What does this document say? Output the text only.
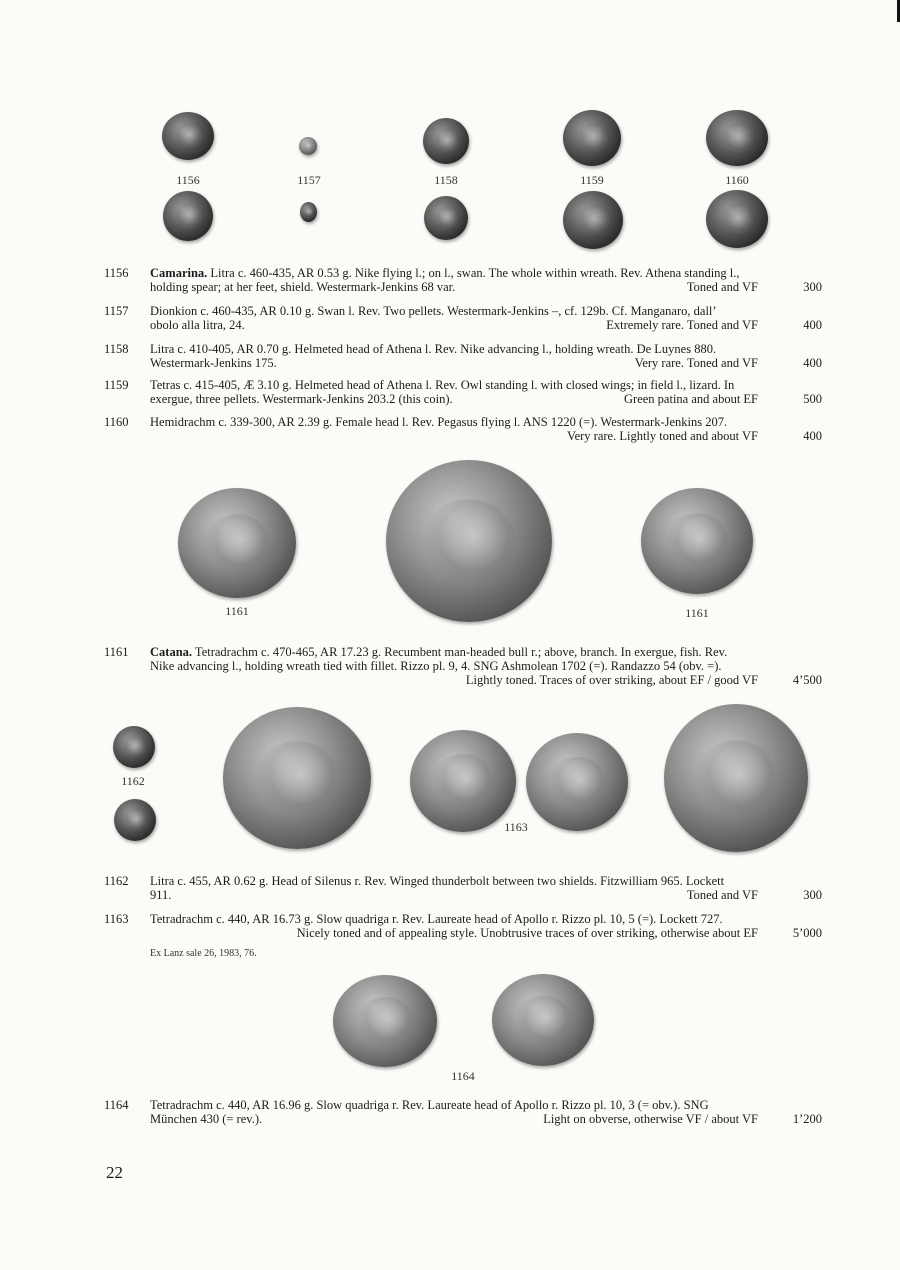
1156	1157	1158	1159	1160
1156	Camarina. Litra c. 460-435, AR 0.53 g. Nike flying l.; on l., swan. The whole within wreath. Rev. Athena standing l.,
holding spear; at her feet, shield. Westermark-Jenkins 68 var.	Toned and VF	300
1157	Dionkion c. 460-435, AR 0.10 g. Swan l. Rev. Two pellets. Westermark-Jenkins –, cf. 129b. Cf. Manganaro, dall’
obolo alla litra, 24.	Extremely rare. Toned and VF	400
1158	Litra c. 410-405, AR 0.70 g. Helmeted head of Athena l. Rev. Nike advancing l., holding wreath. De Luynes 880.
Westermark-Jenkins 175.	Very rare. Toned and VF	400
1159	Tetras c. 415-405, Æ 3.10 g. Helmeted head of Athena l. Rev. Owl standing l. with closed wings; in field l., lizard. In
exergue, three pellets. Westermark-Jenkins 203.2 (this coin).	Green patina and about EF	500
1160	Hemidrachm c. 339-300, AR 2.39 g. Female head l. Rev. Pegasus flying l. ANS 1220 (=). Westermark-Jenkins 207.
Very rare. Lightly toned and about VF	400
1161	1161
1161	Catana. Tetradrachm c. 470-465, AR 17.23 g. Recumbent man-headed bull r.; above, branch. In exergue, fish. Rev.
Nike advancing l., holding wreath tied with fillet. Rizzo pl. 9, 4. SNG Ashmolean 1702 (=). Randazzo 54 (obv. =).
Lightly toned. Traces of over striking, about EF / good VF	4’500
1162
1163
1162	Litra c. 455, AR 0.62 g. Head of Silenus r. Rev. Winged thunderbolt between two shields. Fitzwilliam 965. Lockett
911.	Toned and VF	300
1163	Tetradrachm c. 440, AR 16.73 g. Slow quadriga r. Rev. Laureate head of Apollo r. Rizzo pl. 10, 5 (=). Lockett 727.
Nicely toned and of appealing style. Unobtrusive traces of over striking, otherwise about EF	5’000
Ex Lanz sale 26, 1983, 76.
1164
1164	Tetradrachm c. 440, AR 16.96 g. Slow quadriga r. Rev. Laureate head of Apollo r. Rizzo pl. 10, 3 (= obv.). SNG
München 430 (= rev.).	Light on obverse, otherwise VF / about VF	1’200
22
